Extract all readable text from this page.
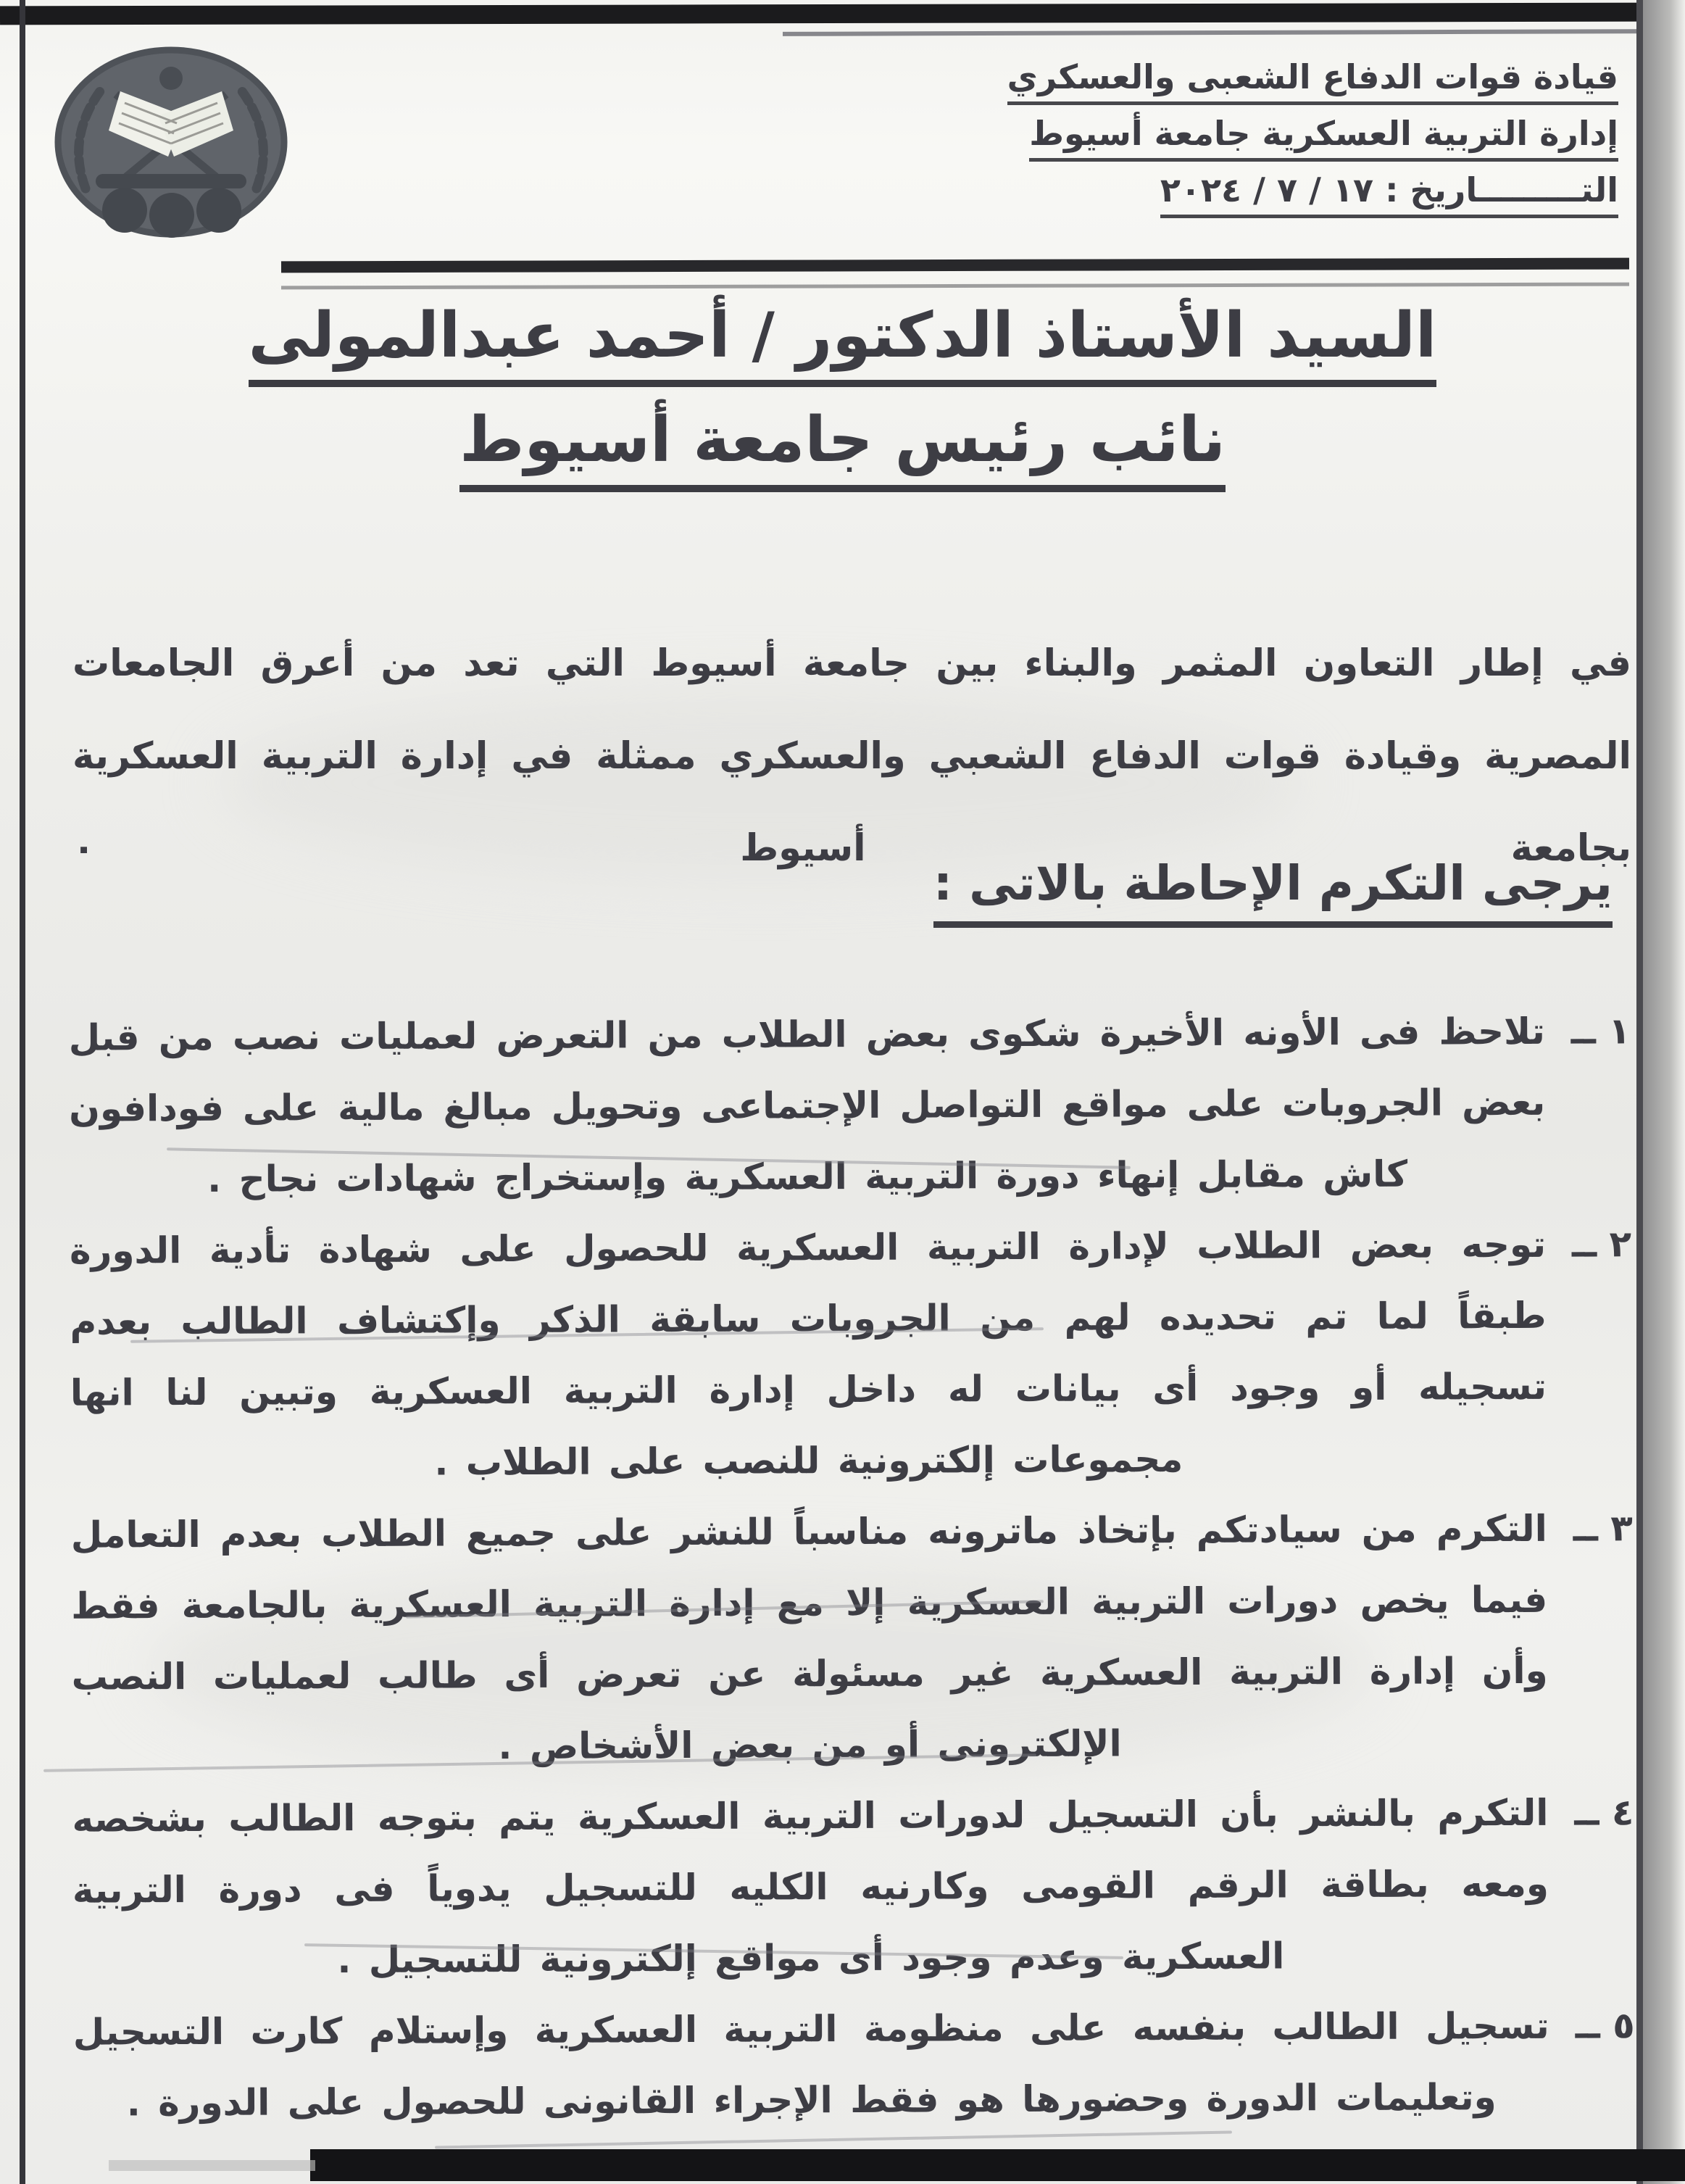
قيادة قوات الدفاع الشعبى والعسكري
إدارة التربية العسكرية جامعة أسيوط
التـــــــــاريخ : ١٧ / ٧ / ٢٠٢٤
السيد الأستاذ الدكتور / أحمد عبدالمولى
نائب رئيس جامعة أسيوط
في إطار التعاون المثمر والبناء بين جامعة أسيوط التي تعد من أعرق الجامعات المصرية وقيادة قوات الدفاع الشعبي والعسكري ممثلة في إدارة التربية العسكرية بجامعة أسيوط ٠
يرجى التكرم الإحاطة بالاتى :
١ ــ
تلاحظ فى الأونه الأخيرة شكوى بعض الطلاب من التعرض لعمليات نصب من قبل بعض الجروبات على مواقع التواصل الإجتماعى وتحويل مبالغ مالية على فودافون كاش مقابل إنهاء دورة التربية العسكرية وإستخراج شهادات نجاح .
٢ ــ
توجه بعض الطلاب لإدارة التربية العسكرية للحصول على شهادة تأدية الدورة طبقاً لما تم تحديده لهم من الجروبات سابقة الذكر وإكتشاف الطالب بعدم تسجيله أو وجود أى بيانات له داخل إدارة التربية العسكرية وتبين لنا انها مجموعات إلكترونية للنصب على الطلاب .
٣ ــ
التكرم من سيادتكم بإتخاذ ماترونه مناسباً للنشر على جميع الطلاب بعدم التعامل فيما يخص دورات التربية العسكرية إلا مع إدارة التربية العسكرية بالجامعة فقط وأن إدارة التربية العسكرية غير مسئولة عن تعرض أى طالب لعمليات النصب الإلكترونى أو من بعض الأشخاص .
٤ ــ
التكرم بالنشر بأن التسجيل لدورات التربية العسكرية يتم بتوجه الطالب بشخصه ومعه بطاقة الرقم القومى وكارنيه الكليه للتسجيل يدوياً فى دورة التربية العسكرية وعدم وجود أى مواقع إلكترونية للتسجيل .
٥ ــ
تسجيل الطالب بنفسه على منظومة التربية العسكرية وإستلام كارت التسجيل وتعليمات الدورة وحضورها هو فقط الإجراء القانونى للحصول على الدورة .
